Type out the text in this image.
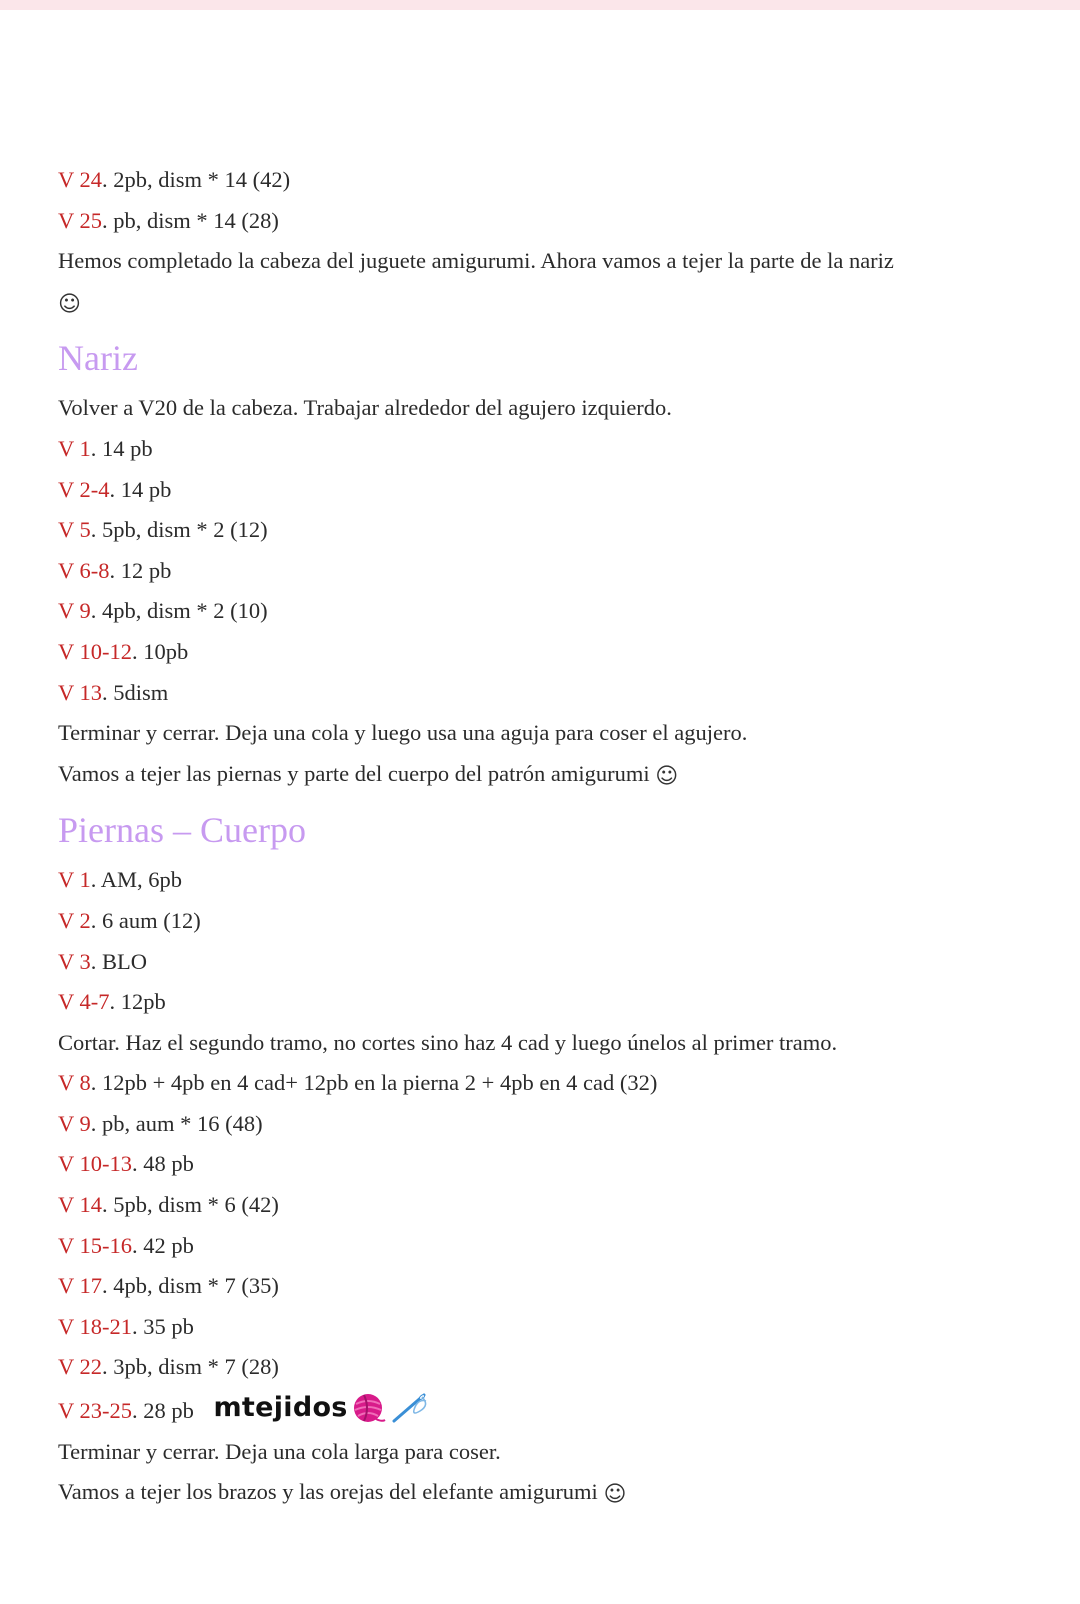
V 24. 2pb, dism * 14 (42)
V 25. pb, dism * 14 (28)
Hemos completado la cabeza del juguete amigurumi. Ahora vamos a tejer la parte de la nariz
☺
Nariz
Volver a V20 de la cabeza. Trabajar alrededor del agujero izquierdo.
V 1. 14 pb
V 2-4. 14 pb
V 5. 5pb, dism * 2 (12)
V 6-8. 12 pb
V 9. 4pb, dism * 2 (10)
V 10-12. 10pb
V 13. 5dism
Terminar y cerrar. Deja una cola y luego usa una aguja para coser el agujero.
Vamos a tejer las piernas y parte del cuerpo del patrón amigurumi ☺
Piernas – Cuerpo
V 1. AM, 6pb
V 2. 6 aum (12)
V 3. BLO
V 4-7. 12pb
Cortar. Haz el segundo tramo, no cortes sino haz 4 cad y luego únelos al primer tramo.
V 8. 12pb + 4pb en 4 cad+ 12pb en la pierna 2 + 4pb en 4 cad (32)
V 9. pb, aum * 16 (48)
V 10-13. 48 pb
V 14. 5pb, dism * 6 (42)
V 15-16. 42 pb
V 17. 4pb, dism * 7 (35)
V 18-21. 35 pb
V 22. 3pb, dism * 7 (28)
V 23-25. 28 pb mtejidos
Terminar y cerrar. Deja una cola larga para coser.
Vamos a tejer los brazos y las orejas del elefante amigurumi ☺
